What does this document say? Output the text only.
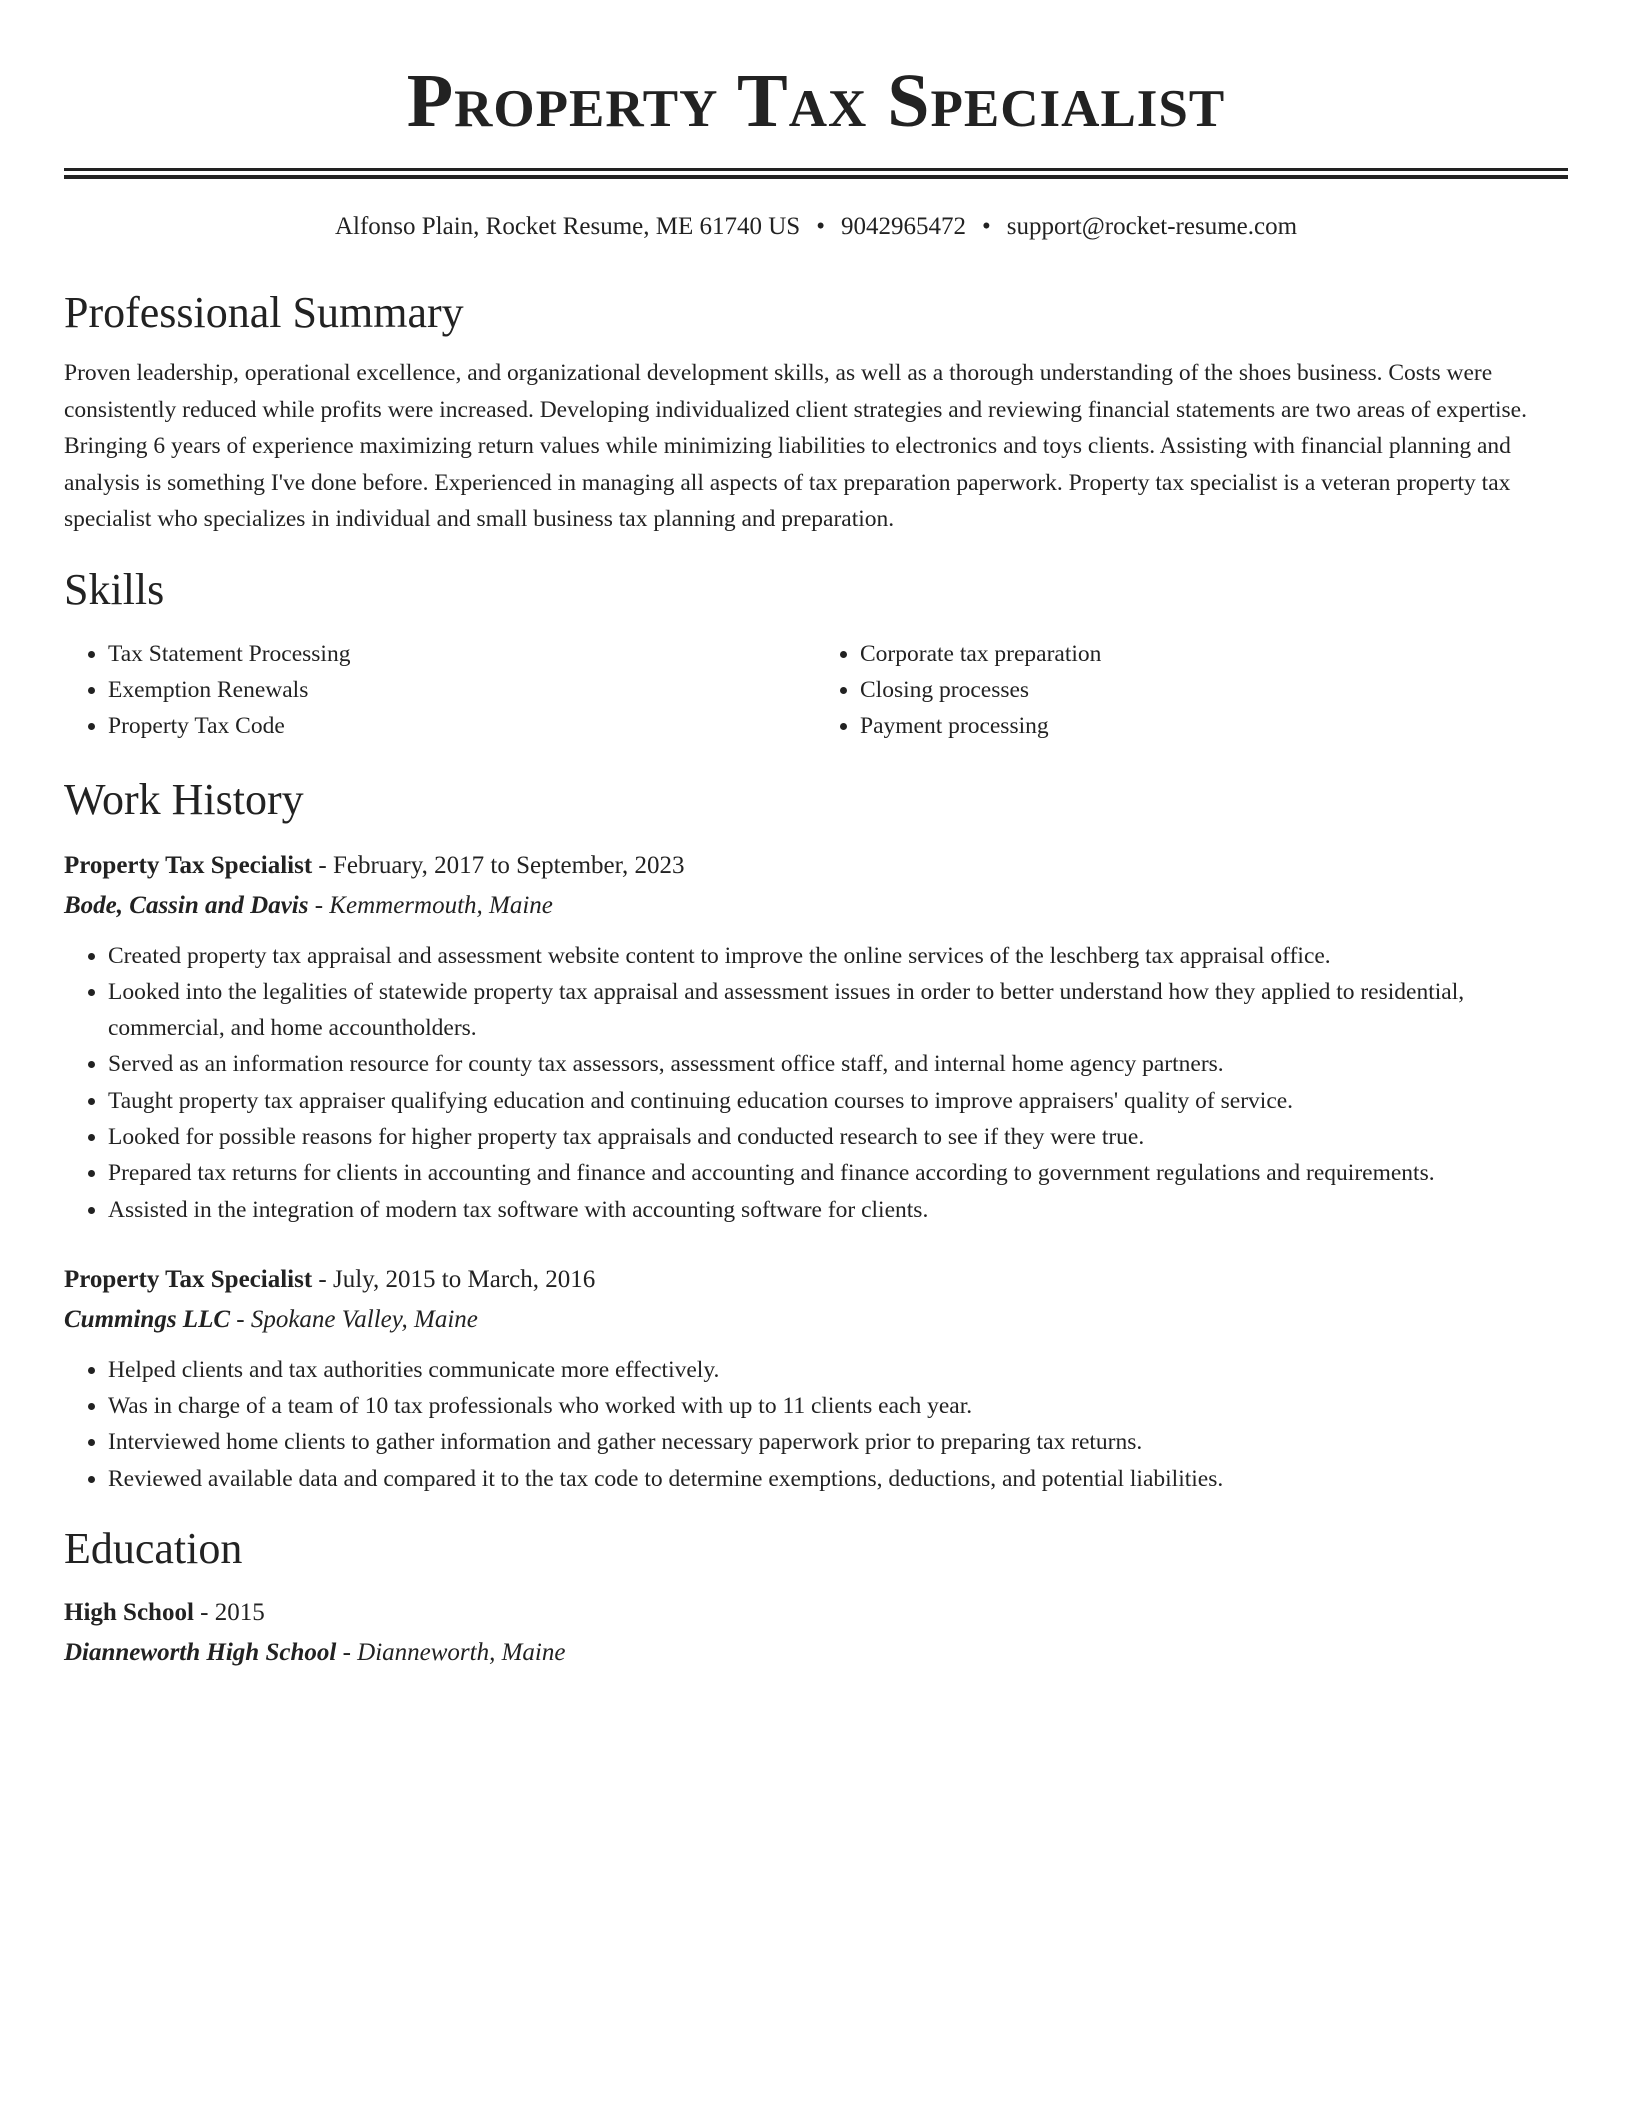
Property Tax Specialist
Alfonso Plain, Rocket Resume, ME 61740 US • 9042965472 • support@rocket-resume.com
Professional Summary

Proven leadership, operational excellence, and organizational development skills, as well as a thorough understanding of the shoes business. Costs were consistently reduced while profits were increased. Developing individualized client strategies and reviewing financial statements are two areas of expertise. Bringing 6 years of experience maximizing return values while minimizing liabilities to electronics and toys clients. Assisting with financial planning and analysis is something I've done before. Experienced in managing all aspects of tax preparation paperwork. Property tax specialist is a veteran property tax specialist who specializes in individual and small business tax planning and preparation.

Skills
• Tax Statement Processing
• Exemption Renewals
• Property Tax Code
• Corporate tax preparation
• Closing processes
• Payment processing
Work History
Property Tax Specialist - February, 2017 to September, 2023
Bode, Cassin and Davis - Kemmermouth, Maine
• Created property tax appraisal and assessment website content to improve the online services of the leschberg tax appraisal office.
• Looked into the legalities of statewide property tax appraisal and assessment issues in order to better understand how they applied to residential, commercial, and home accountholders.
• Served as an information resource for county tax assessors, assessment office staff, and internal home agency partners.
• Taught property tax appraiser qualifying education and continuing education courses to improve appraisers' quality of service.
• Looked for possible reasons for higher property tax appraisals and conducted research to see if they were true.
• Prepared tax returns for clients in accounting and finance and accounting and finance according to government regulations and requirements.
• Assisted in the integration of modern tax software with accounting software for clients.
Property Tax Specialist - July, 2015 to March, 2016
Cummings LLC - Spokane Valley, Maine
• Helped clients and tax authorities communicate more effectively.
• Was in charge of a team of 10 tax professionals who worked with up to 11 clients each year.
• Interviewed home clients to gather information and gather necessary paperwork prior to preparing tax returns.
• Reviewed available data and compared it to the tax code to determine exemptions, deductions, and potential liabilities.
Education
High School - 2015
Dianneworth High School - Dianneworth, Maine
